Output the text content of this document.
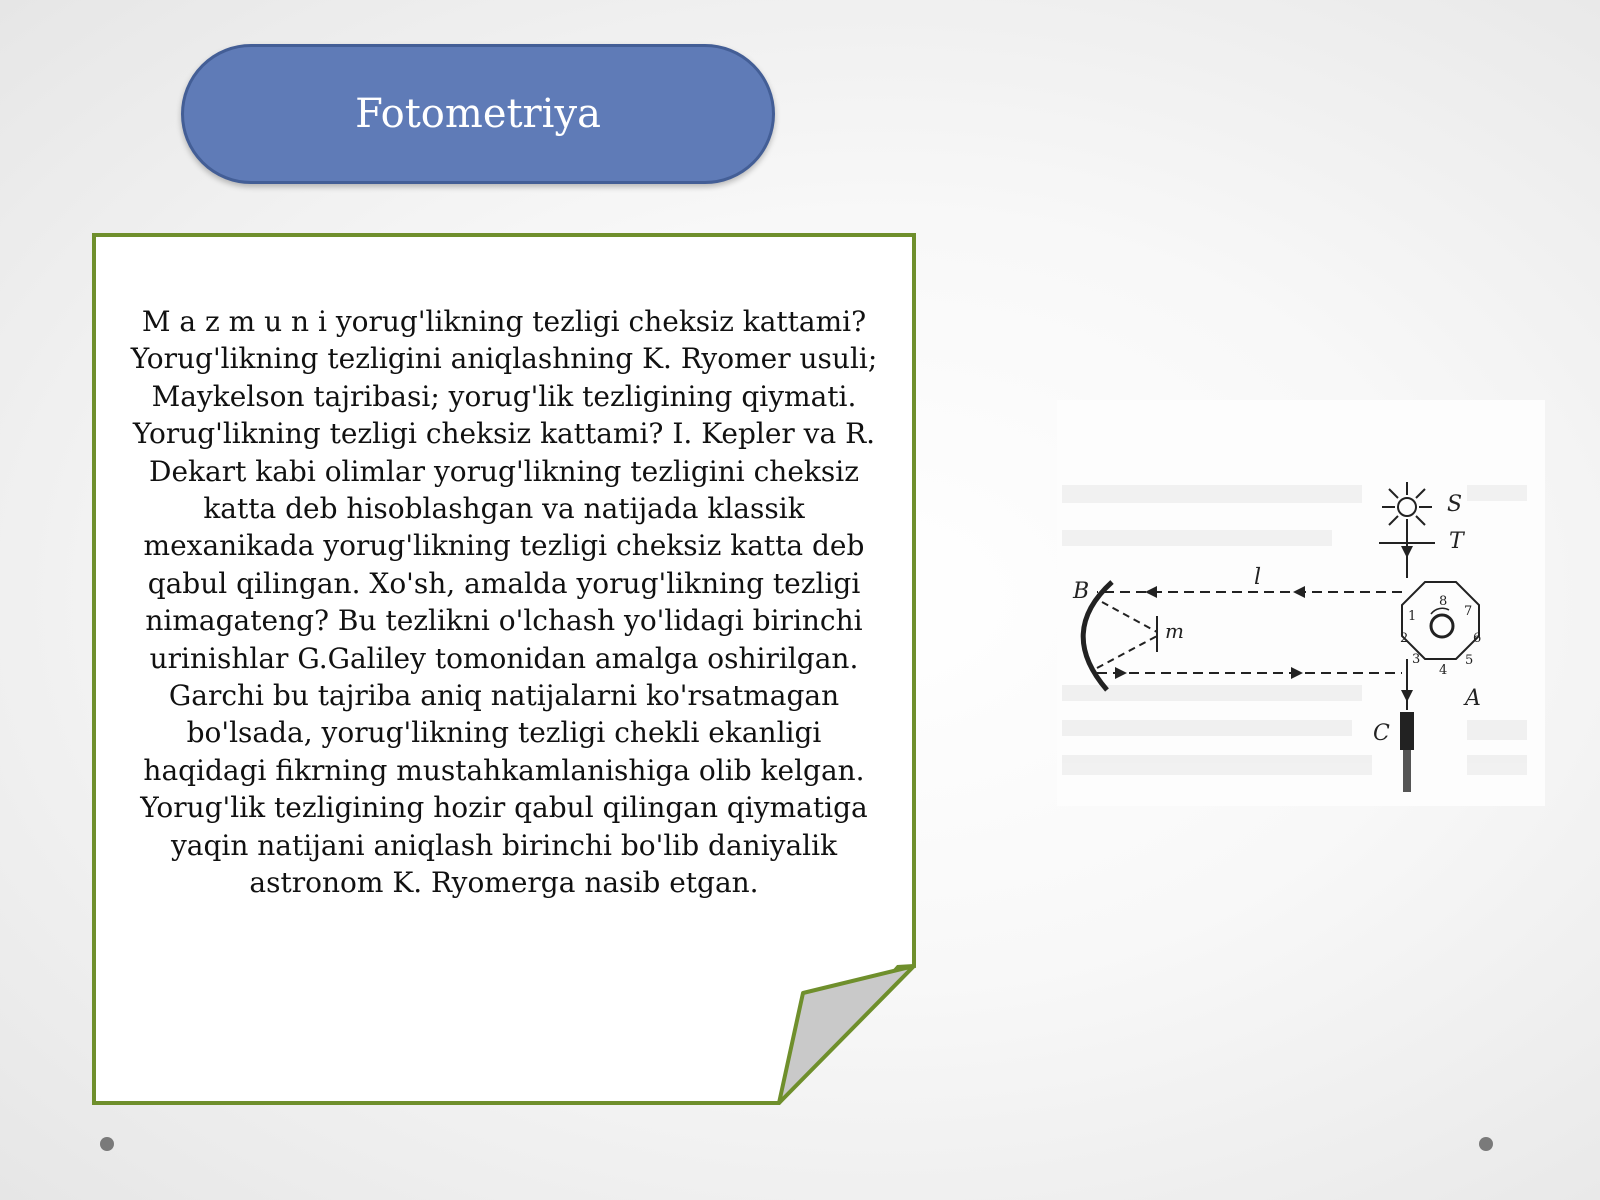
Fotometriya
M a z m u n i yorug'likning tezligi cheksiz kattami?
Yorug'likning tezligini aniqlashning K. Ryomer usuli;
Maykelson tajribasi; yorug'lik tezligining qiymati.
Yorug'likning tezligi cheksiz kattami? I. Kepler va R.
Dekart kabi olimlar yorug'likning tezligini cheksiz
katta deb hisoblashgan va natijada klassik
mexanikada yorug'likning tezligi cheksiz katta deb
qabul qilingan. Xo'sh, amalda yorug'likning tezligi
nimagateng? Bu tezlikni o'lchash yo'lidagi birinchi
urinishlar G.Galiley tomonidan amalga oshirilgan.
Garchi bu tajriba aniq natijalarni ko'rsatmagan
bo'lsada, yorug'likning tezligi chekli ekanligi
haqidagi fikrning mustahkamlanishiga olib kelgan.
Yorug'lik tezligining hozir qabul qilingan qiymatiga
yaqin natijani aniqlash birinchi bo'lib daniyalik
astronom K. Ryomerga nasib etgan.
S
T
B
l
m
A
C
1
2
3
4
5
6
7
8
